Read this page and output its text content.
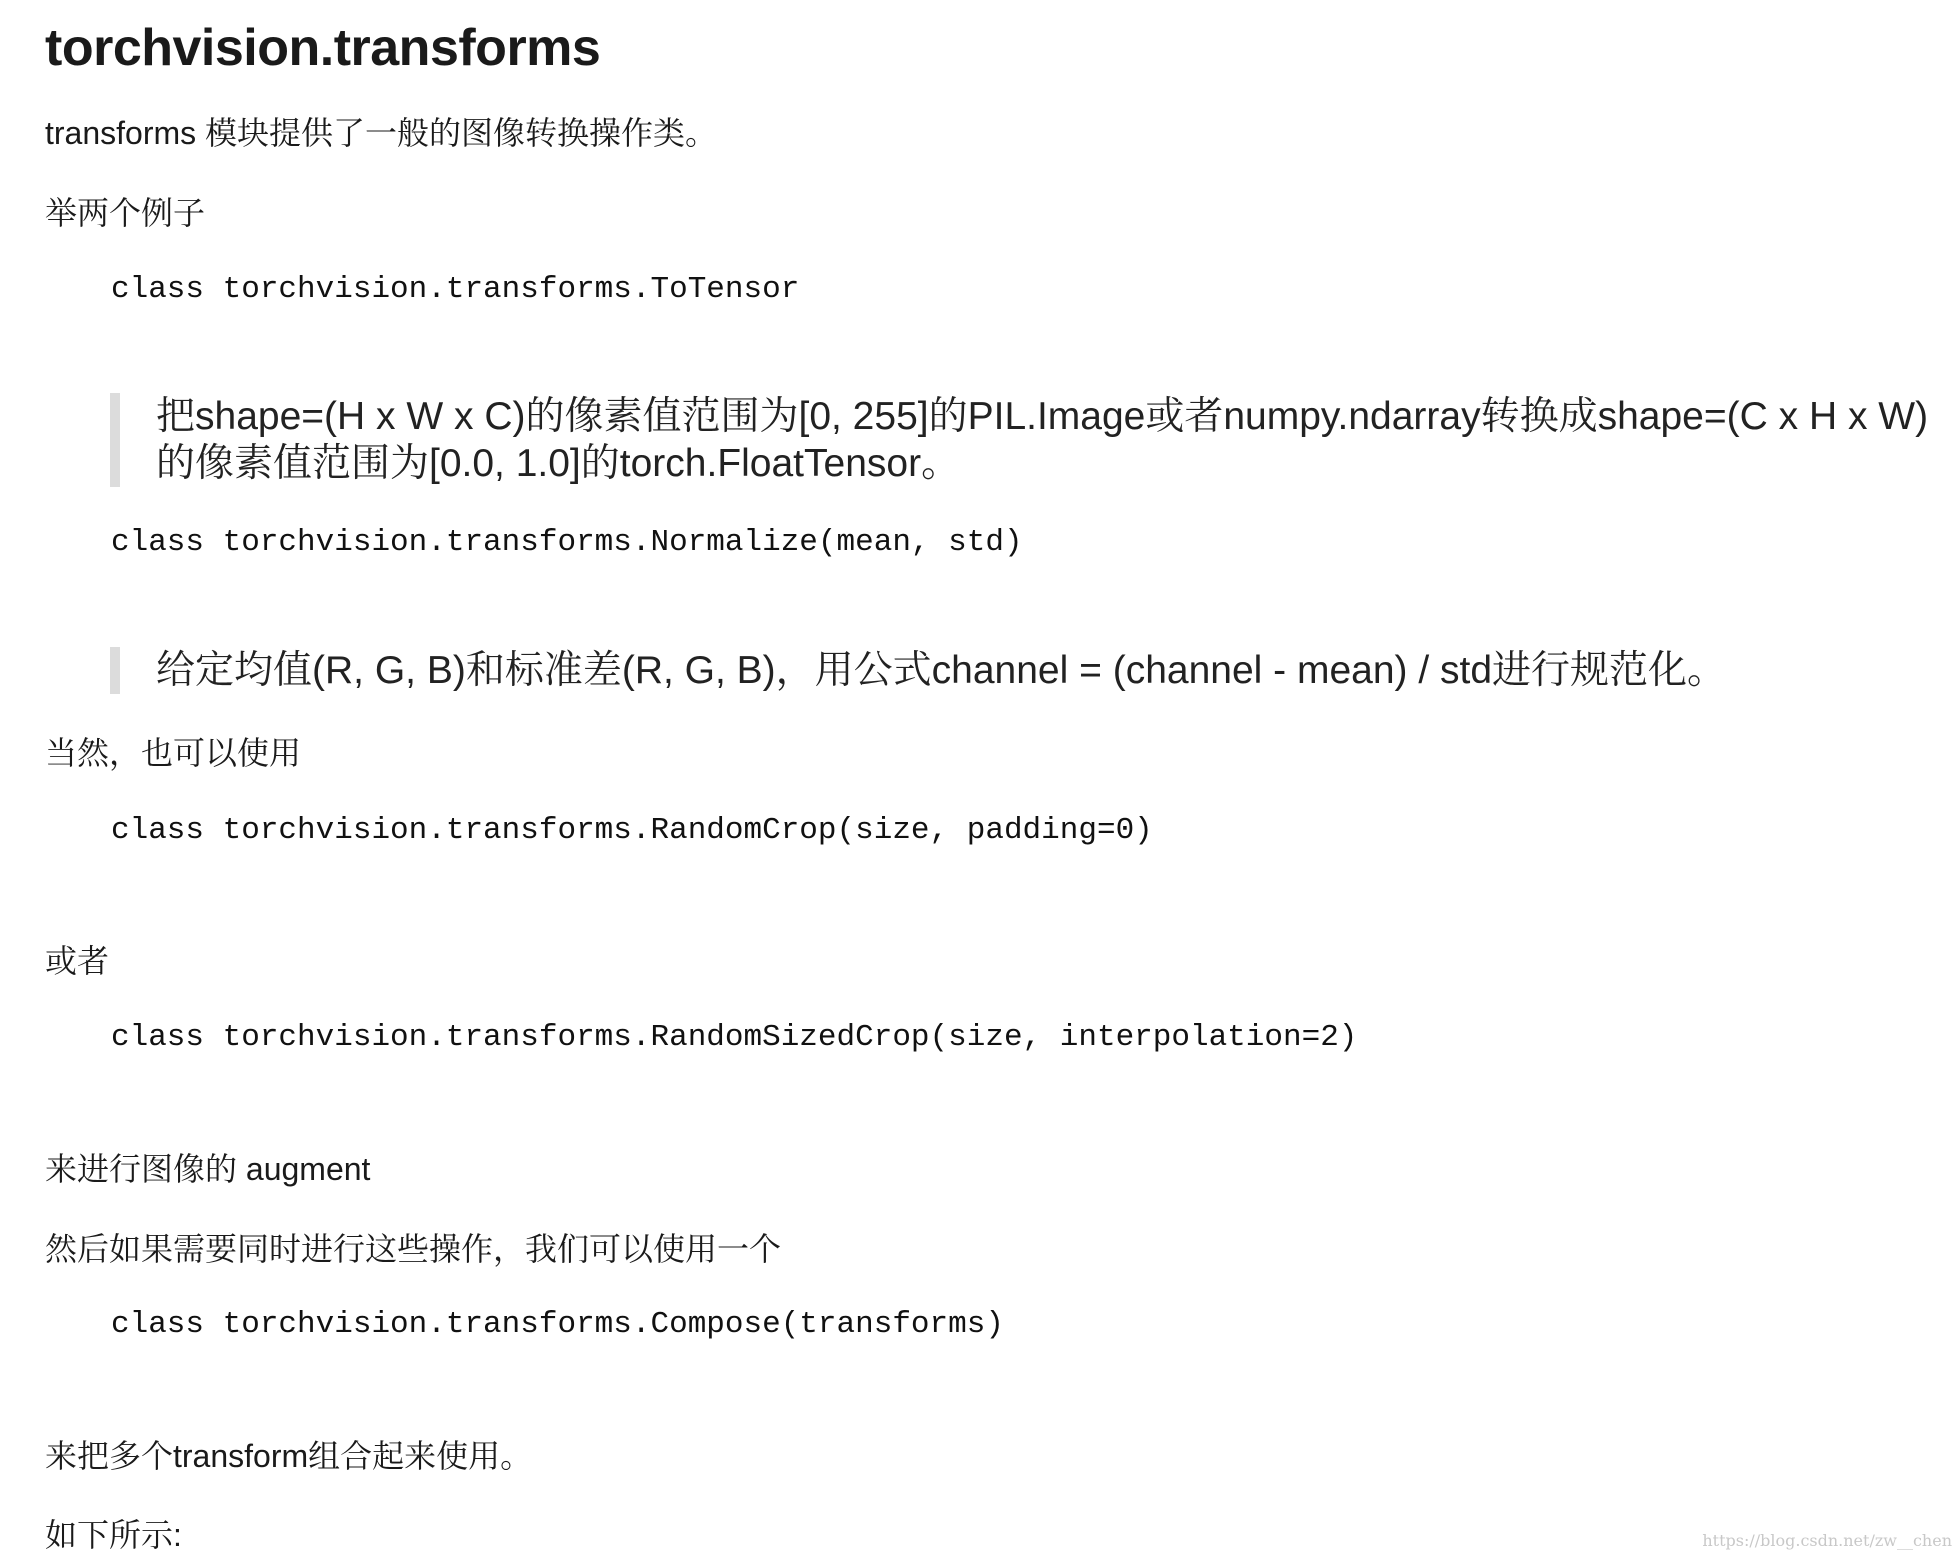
torchvision.transforms
transforms 模块提供了一般的图像转换操作类。
举两个例子
class torchvision.transforms.ToTensor
把shape=(H x W x C)的像素值范围为[0, 255]的PIL.Image或者numpy.ndarray转换成shape=(C x H x W)的像素值范围为[0.0, 1.0]的torch.FloatTensor。
class torchvision.transforms.Normalize(mean, std)
给定均值(R, G, B)和标准差(R, G, B)，用公式channel = (channel - mean) / std进行规范化。
当然，也可以使用
class torchvision.transforms.RandomCrop(size, padding=0)
或者
class torchvision.transforms.RandomSizedCrop(size, interpolation=2)
来进行图像的 augment
然后如果需要同时进行这些操作，我们可以使用一个
class torchvision.transforms.Compose(transforms)
来把多个transform组合起来使用。
如下所示:	https://blog.csdn.net/zw__chen
